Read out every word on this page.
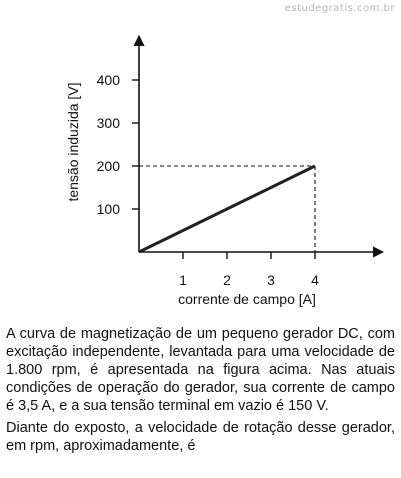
estudegratis.com.br
1	2	3	4
100
200
300
400
corrente de campo [A]
tensão induzida [V]

A curva de magnetização de um pequeno gerador DC, com excitação independente, levantada para uma velocidade de 1.800 rpm, é apresentada na figura acima. Nas atuais condições de operação do gerador, sua corrente de campo é 3,5 A, e a sua tensão terminal em vazio é 150 V.

Diante do exposto, a velocidade de rotação desse gerador, em rpm, aproximadamente, é
